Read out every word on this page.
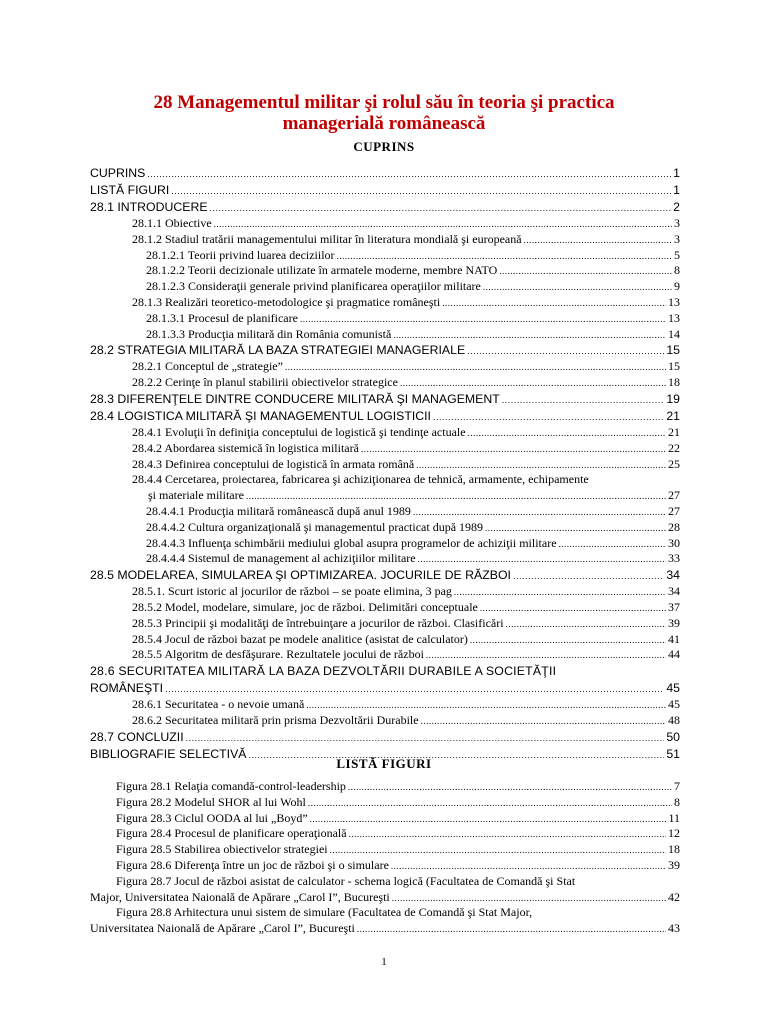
28 Managementul militar şi rolul său în teoria şi practica
managerială românească
CUPRINS
CUPRINS .....	1
LISTĂ FIGURI .....	1
28.1 INTRODUCERE .....	2
28.1.1 Obiective .....	3
28.1.2 Stadiul tratării managementului militar în literatura mondială şi europeană .....	3
28.1.2.1 Teorii privind luarea deciziilor .....	5
28.1.2.2 Teorii decizionale utilizate în armatele moderne, membre NATO .....	8
28.1.2.3 Consideraţii generale privind planificarea operaţiilor militare .....	9
28.1.3 Realizări teoretico-metodologice şi pragmatice româneşti .....	13
28.1.3.1 Procesul de planificare .....	13
28.1.3.3 Producţia militară din România comunistă .....	14
28.2 STRATEGIA MILITARĂ LA BAZA STRATEGIEI MANAGERIALE .....	15
28.2.1 Conceptul de „strategie” .....	15
28.2.2 Cerinţe în planul stabilirii obiectivelor strategice .....	18
28.3 DIFERENŢELE DINTRE CONDUCERE MILITARĂ ŞI MANAGEMENT .....	19
28.4 LOGISTICA MILITARĂ ŞI MANAGEMENTUL LOGISTICII .....	21
28.4.1 Evoluţii în definiţia conceptului de logistică şi tendinţe actuale .....	21
28.4.2 Abordarea sistemică în logistica militară .....	22
28.4.3 Definirea conceptului de logistică în armata română .....	25
28.4.4 Cercetarea, proiectarea, fabricarea şi achiziţionarea de tehnică, armamente, echipamente
şi materiale militare .....	27
28.4.4.1 Producţia militară românească după anul 1989 .....	27
28.4.4.2 Cultura organizaţională şi managementul practicat după 1989 .....	28
28.4.4.3 Influenţa schimbării mediului global asupra programelor de achiziţii militare .....	30
28.4.4.4 Sistemul de management al achiziţiilor militare .....	33
28.5 MODELAREA, SIMULAREA ŞI OPTIMIZAREA. JOCURILE DE RĂZBOI .....	34
28.5.1. Scurt istoric al jocurilor de război – se poate elimina, 3 pag .....	34
28.5.2 Model, modelare, simulare, joc de război. Delimitări conceptuale .....	37
28.5.3 Principii şi modalităţi de întrebuinţare a jocurilor de război. Clasificări .....	39
28.5.4 Jocul de război bazat pe modele analitice (asistat de calculator) .....	41
28.5.5 Algoritm de desfăşurare. Rezultatele jocului de război .....	44
28.6 SECURITATEA MILITARĂ LA BAZA DEZVOLTĂRII DURABILE A SOCIETĂŢII
ROMÂNEŞTI .....	45
28.6.1 Securitatea - o nevoie umană .....	45
28.6.2 Securitatea militară prin prisma Dezvoltării Durabile .....	48
28.7 CONCLUZII .....	50
BIBLIOGRAFIE SELECTIVĂ .....	51
LISTĂ FIGURI
Figura 28.1 Relaţia comandă-control-leadership .....	7
Figura 28.2 Modelul SHOR al lui Wohl .....	8
Figura 28.3 Ciclul OODA al lui „Boyd” .....	11
Figura 28.4 Procesul de planificare operaţională .....	12
Figura 28.5 Stabilirea obiectivelor strategiei .....	18
Figura 28.6 Diferenţa între un joc de război şi o simulare .....	39
Figura 28.7 Jocul de război asistat de calculator - schema logică (Facultatea de Comandă şi Stat
Major, Universitatea Naională de Apărare „Carol I”, Bucureşti .....	42
Figura 28.8 Arhitectura unui sistem de simulare (Facultatea de Comandă şi Stat Major,
Universitatea Naională de Apărare „Carol I”, Bucureşti .....	43
1
